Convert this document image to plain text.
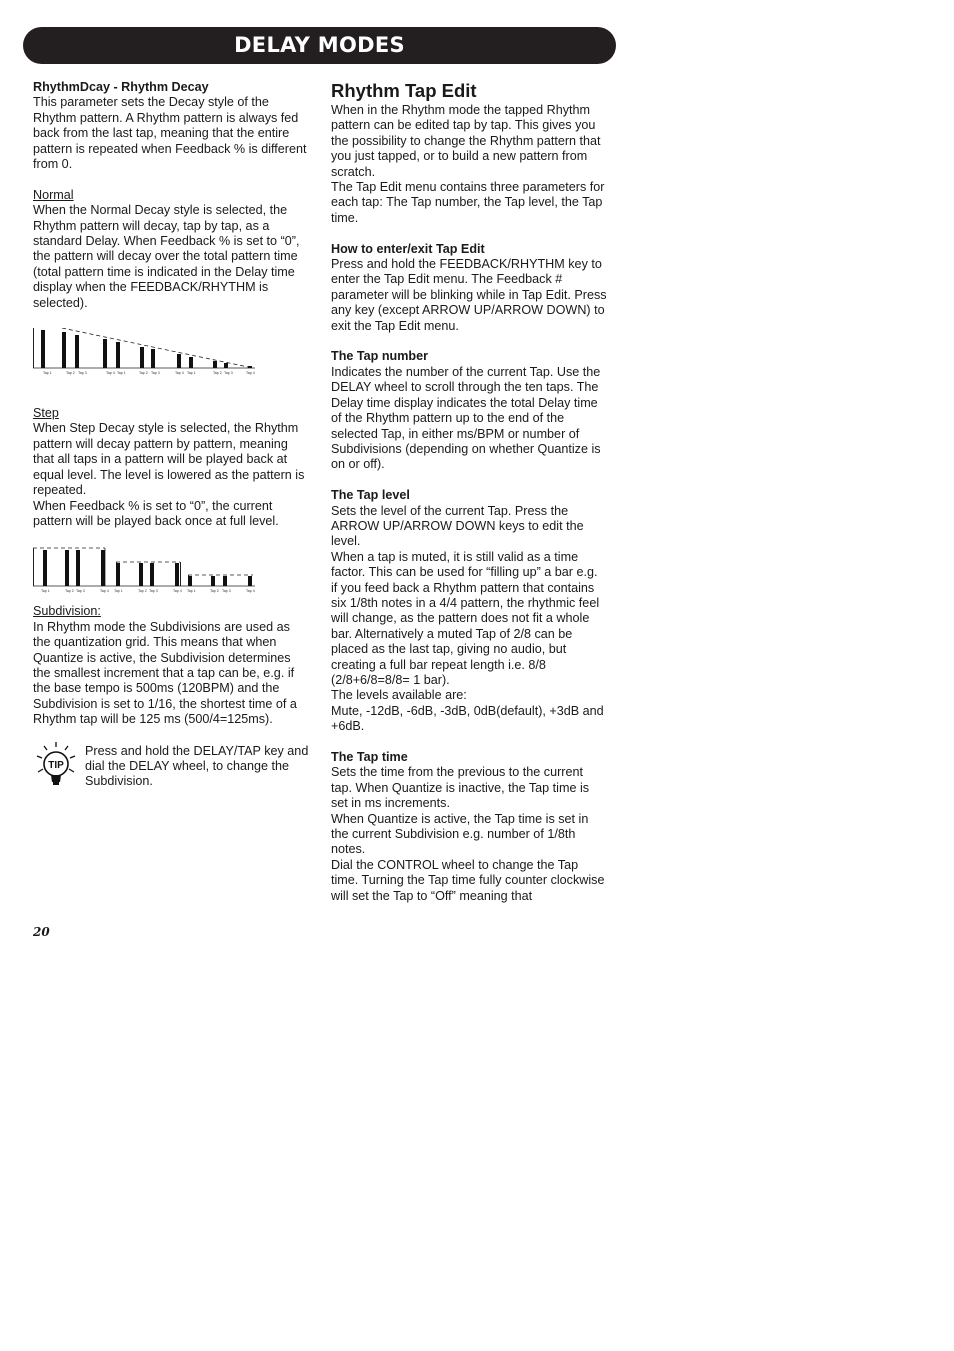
DELAY MODES

RhythmDcay - Rhythm Decay

This parameter sets the Decay style of the Rhythm pattern. A Rhythm pattern is always fed back from the last tap, meaning that the entire pattern is repeated when Feedback % is different from 0.

Normal

When the Normal Decay style is selected, the Rhythm pattern will decay, tap by tap, as a standard Delay. When Feedback % is set to “0”, the pattern will decay over the total pattern time (total pattern time is indicated in the Delay time display when the FEEDBACK/RHYTHM is selected).

Tap 1	Tap 2 Tap 3	Tap 4 Tap 1	Tap 2 Tap 3	Tap 4 Tap 1	Tap 2 Tap 3	Tap 4

Step

When Step Decay style is selected, the Rhythm pattern will decay pattern by pattern, meaning that all taps in a pattern will be played back at equal level. The level is lowered as the pattern is repeated.

When Feedback % is set to “0”, the current pattern will be played back once at full level.

Tap 1	Tap 2 Tap 3	Tap 4 Tap 1	Tap 2 Tap 3	Tap 4 Tap 1	Tap 2 Tap 3	Tap 4

Subdivision:

In Rhythm mode the Subdivisions are used as the quantization grid. This means that when Quantize is active, the Subdivision determines the smallest increment that a tap can be, e.g. if the base tempo is 500ms (120BPM) and the Subdivision is set to 1/16, the shortest time of a Rhythm tap will be 125 ms (500/4=125ms).

TIP

Press and hold the DELAY/TAP key and dial the DELAY wheel, to change the Subdivision.

Rhythm Tap Edit

When in the Rhythm mode the tapped Rhythm pattern can be edited tap by tap. This gives you the possibility to change the Rhythm pattern that you just tapped, or to build a new pattern from scratch.

The Tap Edit menu contains three parameters for each tap: The Tap number, the Tap level, the Tap time.

How to enter/exit Tap Edit

Press and hold the FEEDBACK/RHYTHM key to enter the Tap Edit menu. The Feedback # parameter will be blinking while in Tap Edit. Press any key (except ARROW UP/ARROW DOWN) to exit the Tap Edit menu.

The Tap number

Indicates the number of the current Tap. Use the DELAY wheel to scroll through the ten taps. The Delay time display indicates the total Delay time of the Rhythm pattern up to the end of the selected Tap, in either ms/BPM or number of Subdivisions (depending on whether Quantize is on or off).

The Tap level

Sets the level of the current Tap. Press the ARROW UP/ARROW DOWN keys to edit the level.

When a tap is muted, it is still valid as a time factor. This can be used for “filling up” a bar e.g. if you feed back a Rhythm pattern that contains six 1/8th notes in a 4/4 pattern, the rhythmic feel will change, as the pattern does not fit a whole bar. Alternatively a muted Tap of 2/8 can be placed as the last tap, giving no audio, but creating a full bar repeat length i.e. 8/8 (2/8+6/8=8/8= 1 bar).

The levels available are:

Mute, -12dB, -6dB, -3dB, 0dB(default), +3dB and +6dB.

The Tap time

Sets the time from the previous to the current tap. When Quantize is inactive, the Tap time is set in ms increments.

When Quantize is active, the Tap time is set in the current Subdivision e.g. number of 1/8th notes.

Dial the CONTROL wheel to change the Tap time. Turning the Tap time fully counter clockwise will set the Tap to “Off” meaning that

20
